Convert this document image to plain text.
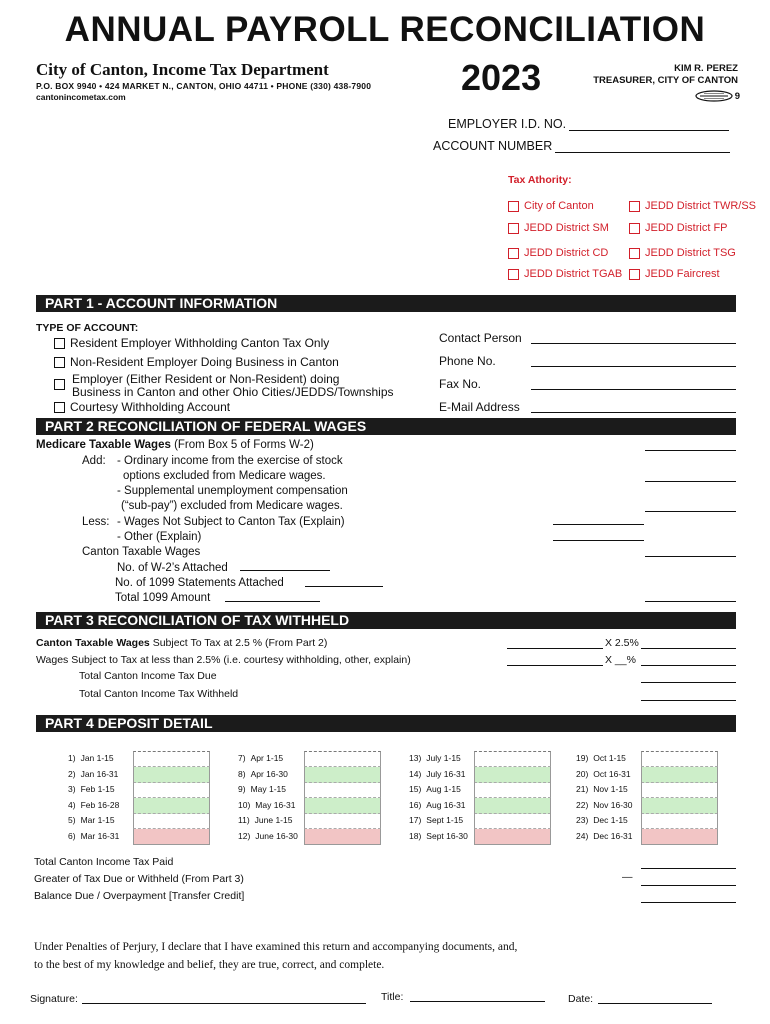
ANNUAL PAYROLL RECONCILIATION
City of Canton, Income Tax Department
P.O. BOX 9940 • 424 MARKET N., CANTON, OHIO 44711 • PHONE (330) 438-7900
cantonincometax.com	2023	KIM R. PEREZ
TREASURER, CITY OF CANTON
9
EMPLOYER I.D. NO.
ACCOUNT NUMBER
Tax Athority:
City of Canton	JEDD District TWR/SS
JEDD District SM	JEDD District FP
JEDD District CD	JEDD District TSG
JEDD District TGAB JEDD Faircrest
PART 1 - ACCOUNT INFORMATION
TYPE OF ACCOUNT:
Resident Employer Withholding Canton Tax Only
Non-Resident Employer Doing Business in Canton
Employer (Either Resident or Non-Resident) doing
Business in Canton and other Ohio Cities/JEDDS/Townships
Courtesy Withholding Account
Contact Person
Phone No.
Fax No.
E-Mail Address
PART 2 RECONCILIATION OF FEDERAL WAGES
Medicare Taxable Wages (From Box 5 of Forms W-2)
Add: - Ordinary income from the exercise of stock
options excluded from Medicare wages.
- Supplemental unemployment compensation
(“sub-pay”) excluded from Medicare wages.
Less: - Wages Not Subject to Canton Tax (Explain)
- Other (Explain)
Canton Taxable Wages
No. of W-2’s Attached
No. of 1099 Statements Attached
Total 1099 Amount
PART 3 RECONCILIATION OF TAX WITHHELD
Canton Taxable Wages Subject To Tax at 2.5 % (From Part 2)	X 2.5%
Wages Subject to Tax at less than 2.5% (i.e. courtesy withholding, other, explain)	X __%
Total Canton Income Tax Due
Total Canton Income Tax Withheld
PART 4 DEPOSIT DETAIL
1) Jan 1-15
2) Jan 16-31
3) Feb 1-15
4) Feb 16-28
5) Mar 1-15
6) Mar 16-31
7) Apr 1-15
8) Apr 16-30
9) May 1-15
10) May 16-31
11) June 1-15
12) June 16-30
13) July 1-15
14) July 16-31
15) Aug 1-15
16) Aug 16-31
17) Sept 1-15
18) Sept 16-30
19) Oct 1-15
20) Oct 16-31
21) Nov 1-15
22) Nov 16-30
23) Dec 1-15
24) Dec 16-31
Total Canton Income Tax Paid
Greater of Tax Due or Withheld (From Part 3)	—
Balance Due / Overpayment [Transfer Credit]
Under Penalties of Perjury, I declare that I have examined this return and accompanying documents, and,
to the best of my knowledge and belief, they are true, correct, and complete.
Signature:	Title:	Date:
